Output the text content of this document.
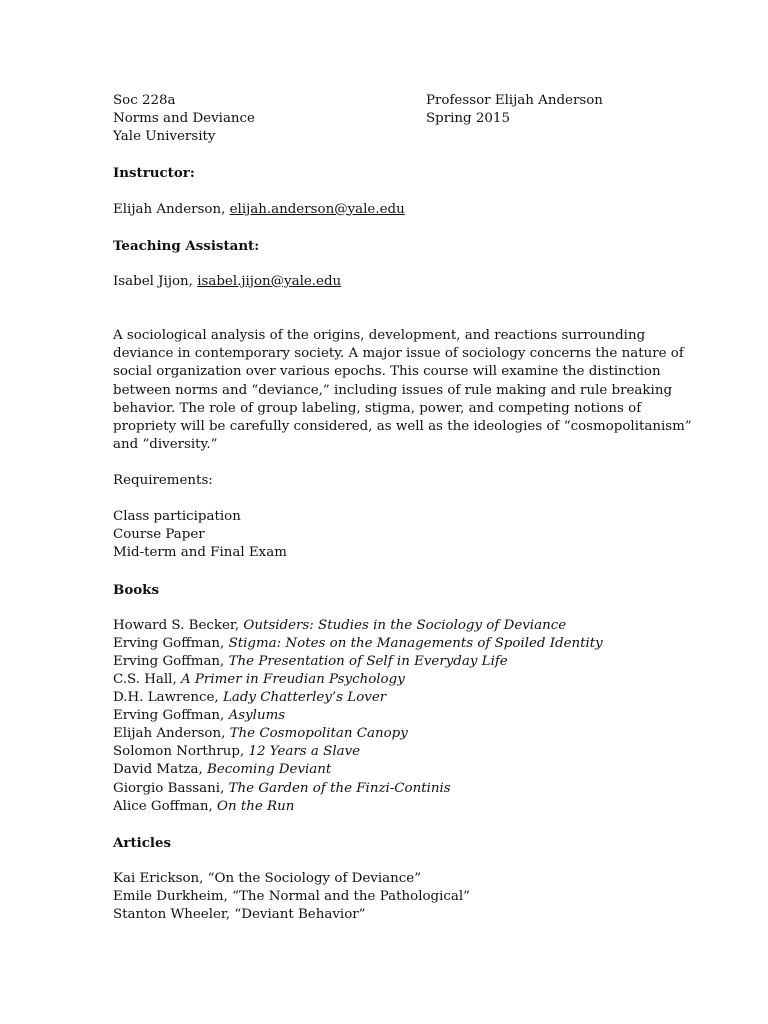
Soc 228a	Professor Elijah Anderson
Norms and Deviance	Spring 2015
Yale University
Instructor:
Elijah Anderson, elijah.anderson@yale.edu
Teaching Assistant:
Isabel Jijon, isabel.jijon@yale.edu
A sociological analysis of the origins, development, and reactions surrounding
deviance in contemporary society. A major issue of sociology concerns the nature of
social organization over various epochs. This course will examine the distinction
between norms and “deviance,” including issues of rule making and rule breaking
behavior. The role of group labeling, stigma, power, and competing notions of
propriety will be carefully considered, as well as the ideologies of “cosmopolitanism”
and “diversity.”
Requirements:
Class participation
Course Paper
Mid-term and Final Exam
Books
Howard S. Becker, Outsiders: Studies in the Sociology of Deviance
Erving Goffman, Stigma: Notes on the Managements of Spoiled Identity
Erving Goffman, The Presentation of Self in Everyday Life
C.S. Hall, A Primer in Freudian Psychology
D.H. Lawrence, Lady Chatterley’s Lover
Erving Goffman, Asylums
Elijah Anderson, The Cosmopolitan Canopy
Solomon Northrup, 12 Years a Slave
David Matza, Becoming Deviant
Giorgio Bassani, The Garden of the Finzi-Continis
Alice Goffman, On the Run
Articles
Kai Erickson, “On the Sociology of Deviance”
Emile Durkheim, “The Normal and the Pathological”
Stanton Wheeler, “Deviant Behavior”
